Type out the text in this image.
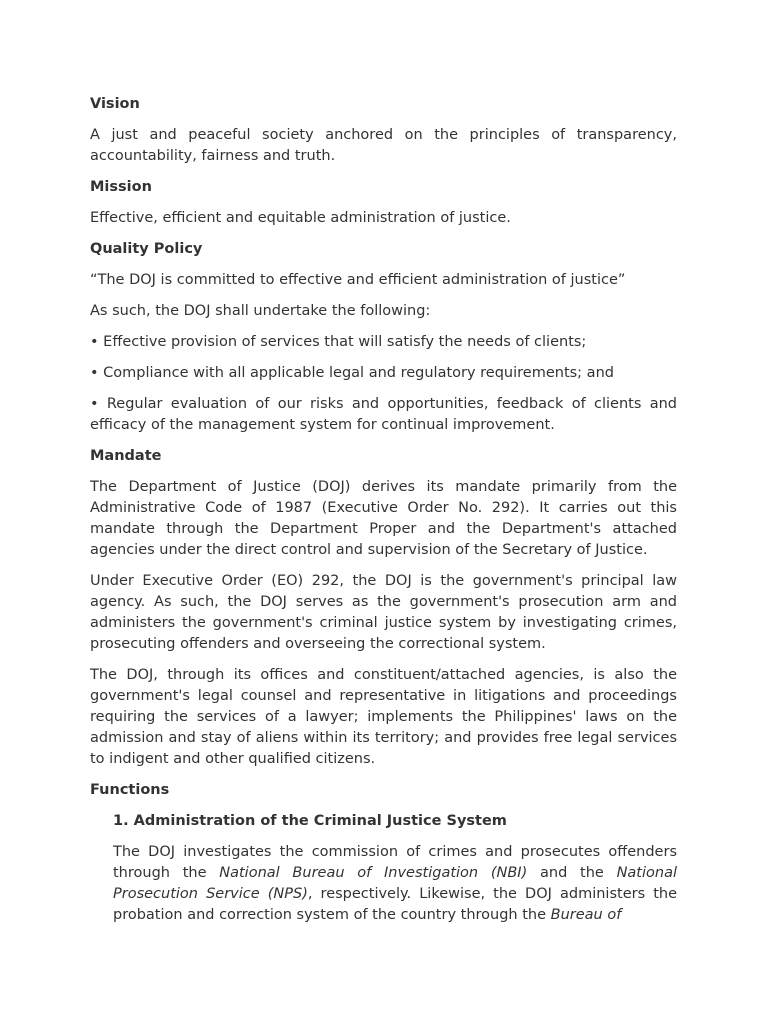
Vision

A just and peaceful society anchored on the principles of transparency, accountability, fairness and truth.

Mission

Effective, efficient and equitable administration of justice.

Quality Policy

“The DOJ is committed to effective and efficient administration of justice”

As such, the DOJ shall undertake the following:

• Effective provision of services that will satisfy the needs of clients;

• Compliance with all applicable legal and regulatory requirements; and

• Regular evaluation of our risks and opportunities, feedback of clients and efficacy of the management system for continual improvement.

Mandate

The Department of Justice (DOJ) derives its mandate primarily from the Administrative Code of 1987 (Executive Order No. 292). It carries out this mandate through the Department Proper and the Department's attached agencies under the direct control and supervision of the Secretary of Justice.

Under Executive Order (EO) 292, the DOJ is the government's principal law agency. As such, the DOJ serves as the government's prosecution arm and administers the government's criminal justice system by investigating crimes, prosecuting offenders and overseeing the correctional system.

The DOJ, through its offices and constituent/attached agencies, is also the government's legal counsel and representative in litigations and proceedings requiring the services of a lawyer; implements the Philippines' laws on the admission and stay of aliens within its territory; and provides free legal services to indigent and other qualified citizens.

Functions
1. Administration of the Criminal Justice System

The DOJ investigates the commission of crimes and prosecutes offenders through the National Bureau of Investigation (NBI) and the National Prosecution Service (NPS), respectively. Likewise, the DOJ administers the probation and correction system of the country through the Bureau of
